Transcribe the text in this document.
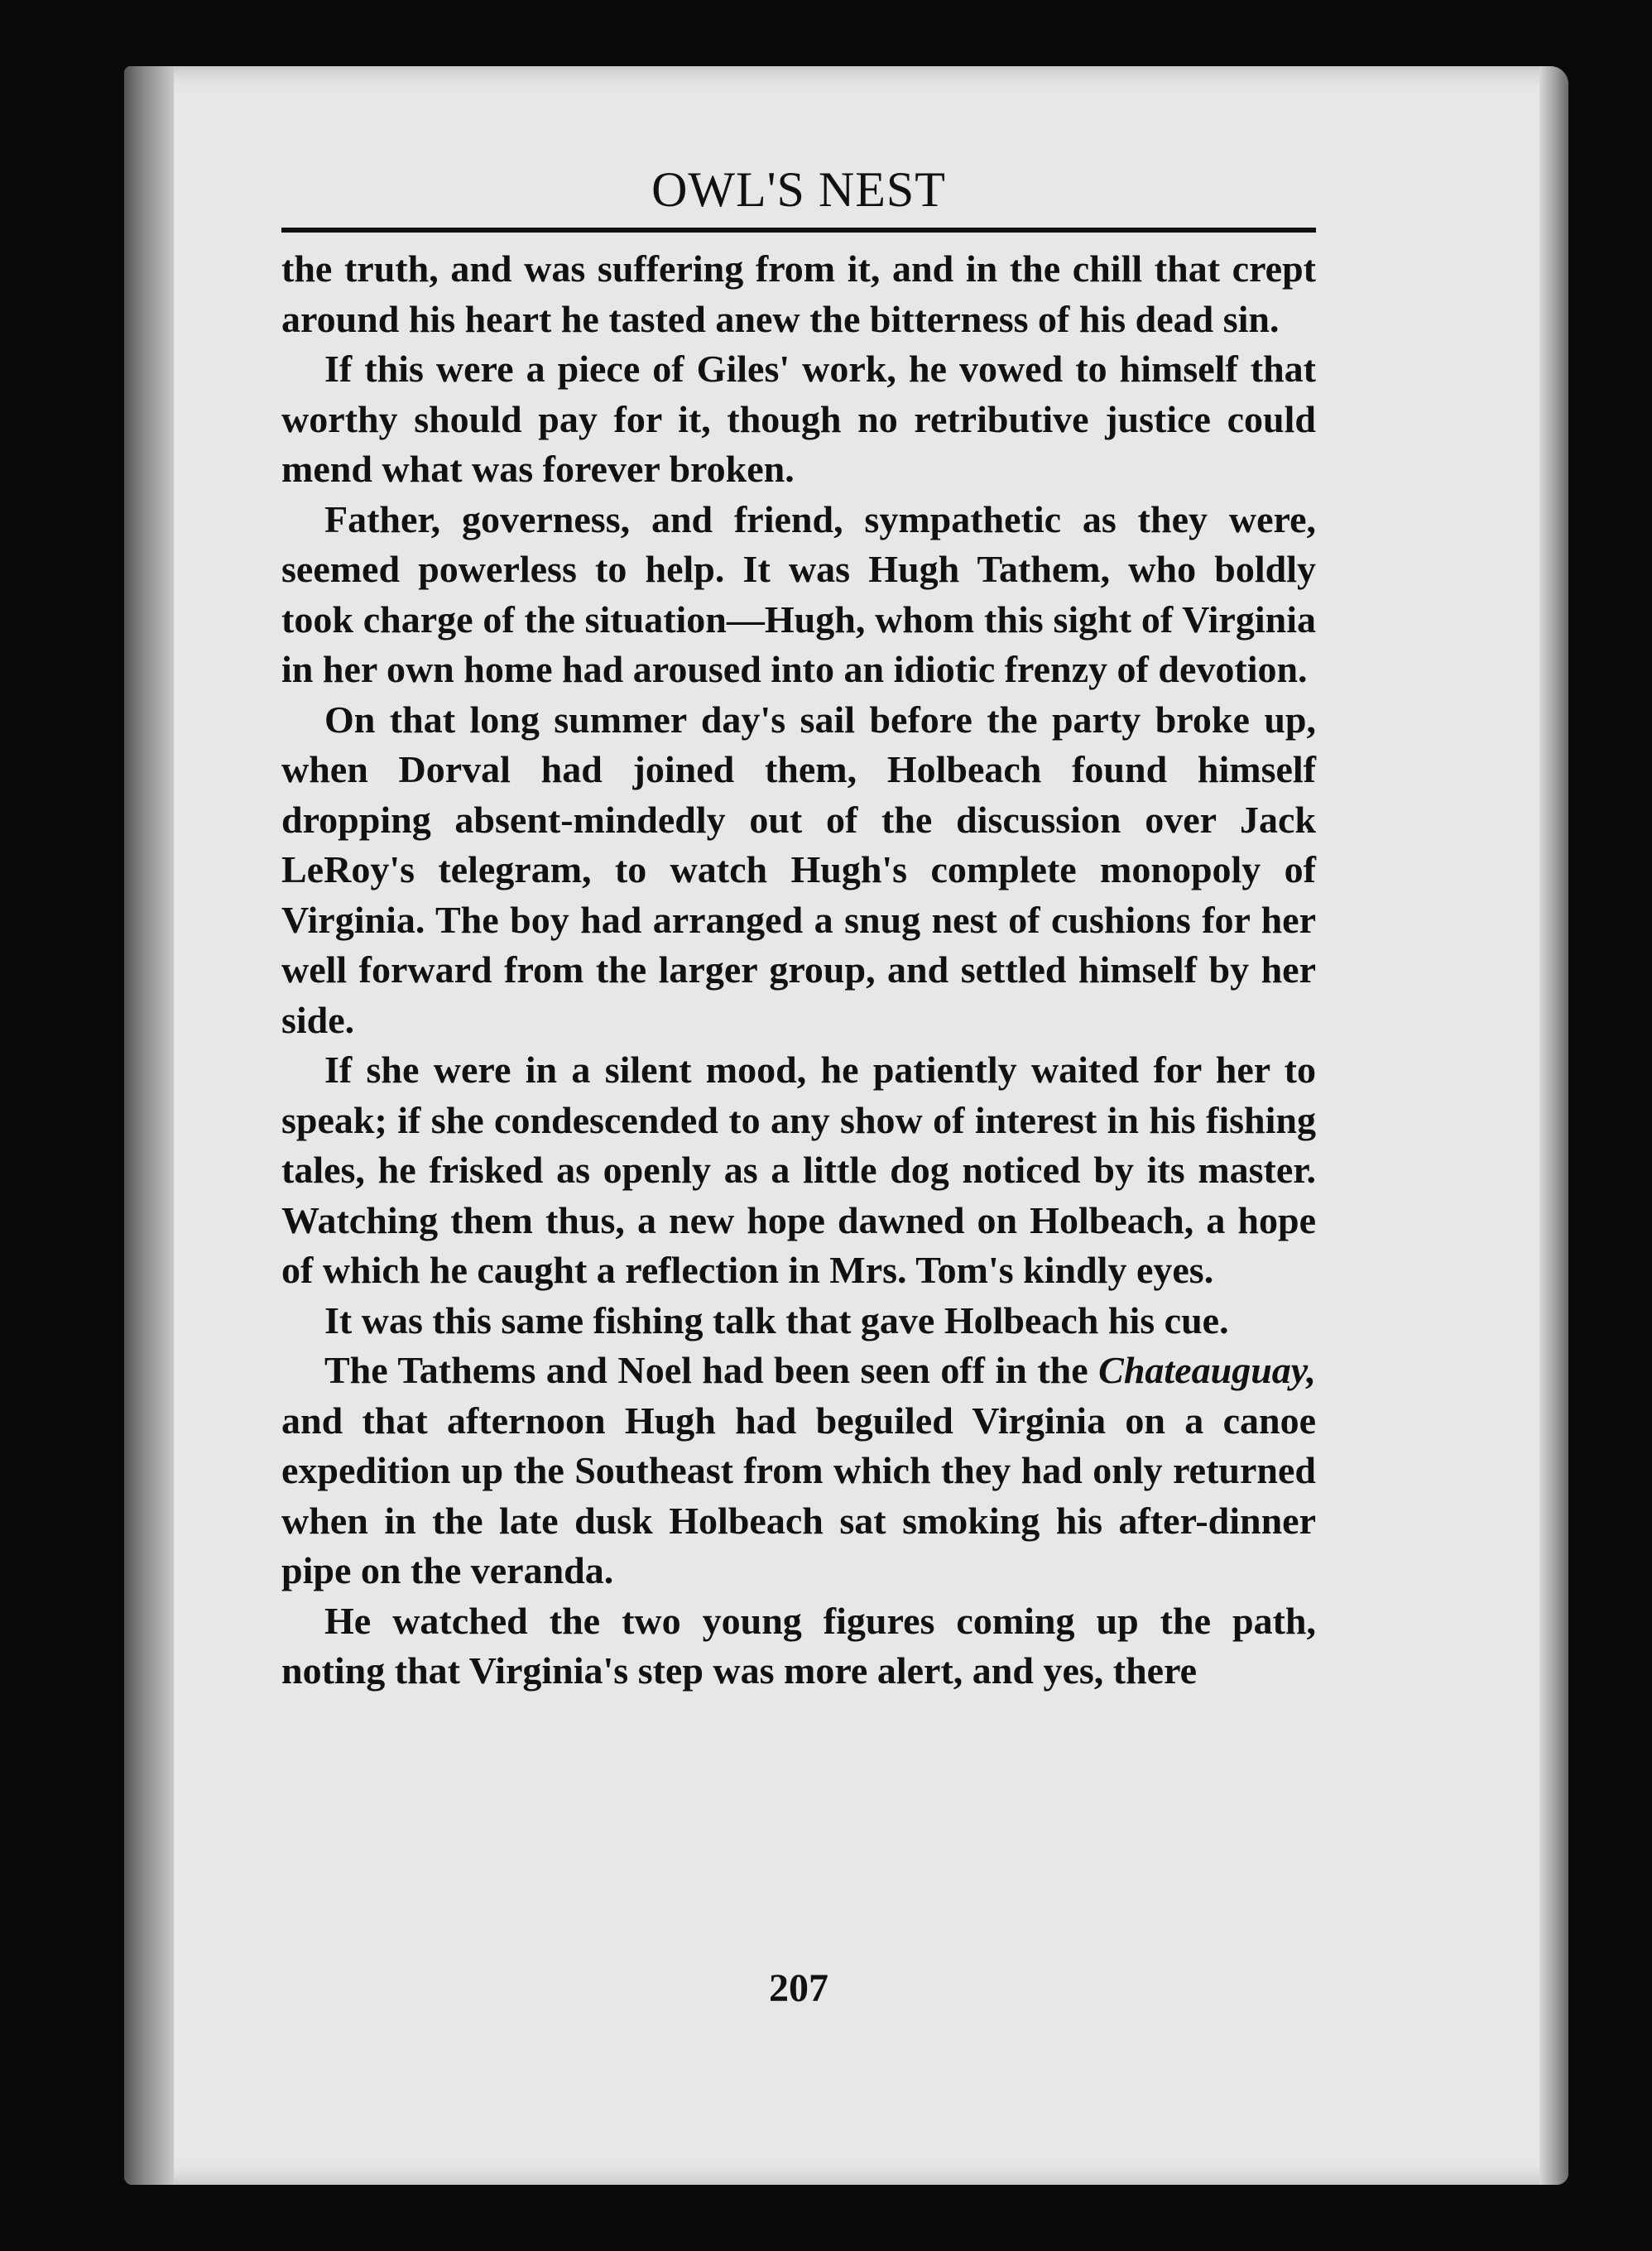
OWL'S NEST

the truth, and was suffering from it, and in the chill that crept around his heart he tasted anew the bitterness of his dead sin.

If this were a piece of Giles' work, he vowed to himself that worthy should pay for it, though no retributive justice could mend what was forever broken.

Father, governess, and friend, sympathetic as they were, seemed powerless to help. It was Hugh Tathem, who boldly took charge of the situation—Hugh, whom this sight of Virginia in her own home had aroused into an idiotic frenzy of devotion.

On that long summer day's sail before the party broke up, when Dorval had joined them, Holbeach found himself dropping absent-mindedly out of the discussion over Jack LeRoy's telegram, to watch Hugh's complete monopoly of Virginia. The boy had arranged a snug nest of cushions for her well forward from the larger group, and settled himself by her side.

If she were in a silent mood, he patiently waited for her to speak; if she condescended to any show of interest in his fishing tales, he frisked as openly as a little dog noticed by its master. Watching them thus, a new hope dawned on Holbeach, a hope of which he caught a reflection in Mrs. Tom's kindly eyes.

It was this same fishing talk that gave Holbeach his cue.

The Tathems and Noel had been seen off in the Chateauguay, and that afternoon Hugh had beguiled Virginia on a canoe expedition up the Southeast from which they had only returned when in the late dusk Holbeach sat smoking his after-dinner pipe on the veranda.

He watched the two young figures coming up the path, noting that Virginia's step was more alert, and yes, there

207
